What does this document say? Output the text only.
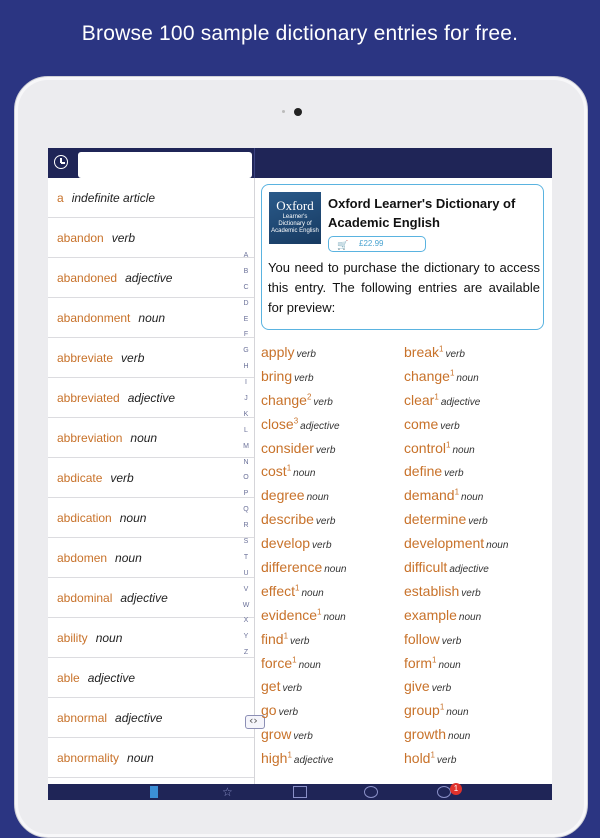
Browse 100 sample dictionary entries for free.
a indefinite article
abandon verb
abandoned adjective
abandonment noun
abbreviate verb
abbreviated adjective
abbreviation noun
abdicate verb
abdication noun
abdomen noun
abdominal adjective
ability noun
able adjective
abnormal adjective
abnormality noun
A
B
C
D
E
F
G
H
I
J
K
L
M
N
O
P
Q
R
S
T
U
V
W
X
Y
Z
‹›
Oxford
Learner's Dictionary of Academic English
Oxford Learner's Dictionary of Academic English
🛒 £22.99
You need to purchase the dictionary to access this entry. The following entries are available for preview:
apply verb	break$^1$verb
bring verb	change$^1$noun
change$^2$verb	clear$^1$adjective
close$^3$adjective	come verb
consider verb	control$^1$noun
cost$^1$noun	define verb
degree noun	demand$^1$noun
describe verb	determine verb
develop verb	development noun
difference noun	difficult adjective
effect$^1$noun	establish verb
evidence$^1$noun	example noun
find$^1$verb	follow verb
force$^1$noun	form$^1$noun
get verb	give verb
go verb	group$^1$noun
grow verb	growth noun
high$^1$adjective	hold$^1$verb
☆	1
